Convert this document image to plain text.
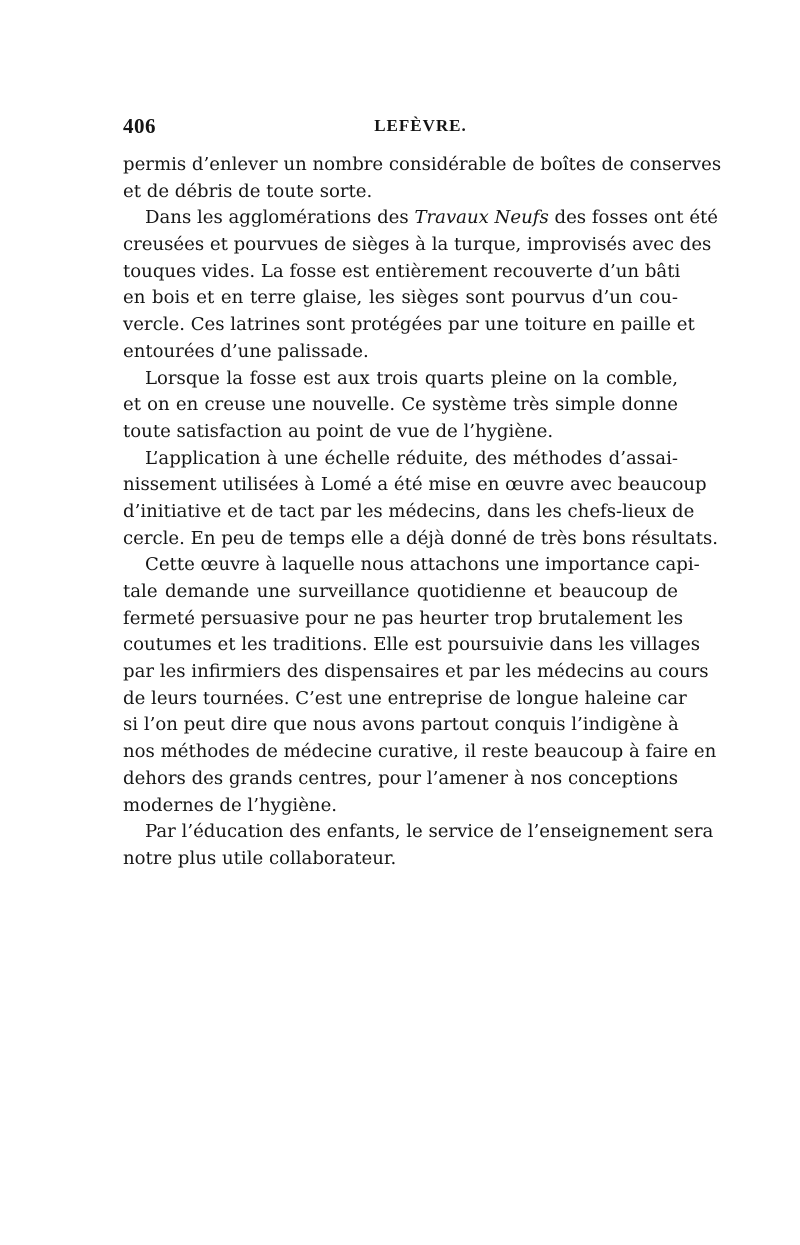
406	LEFÈVRE.
permis d’enlever un nombre considérable de boîtes de conserves
et de débris de toute sorte.
Dans les agglomérations des Travaux Neufs des fosses ont été
creusées et pourvues de sièges à la turque, improvisés avec des
touques vides. La fosse est entièrement recouverte d’un bâti
en bois et en terre glaise, les sièges sont pourvus d’un cou-
vercle. Ces latrines sont protégées par une toiture en paille et
entourées d’une palissade.
Lorsque la fosse est aux trois quarts pleine on la comble,
et on en creuse une nouvelle. Ce système très simple donne
toute satisfaction au point de vue de l’hygiène.
L’application à une échelle réduite, des méthodes d’assai-
nissement utilisées à Lomé a été mise en œuvre avec beaucoup
d’initiative et de tact par les médecins, dans les chefs-lieux de
cercle. En peu de temps elle a déjà donné de très bons résultats.
Cette œuvre à laquelle nous attachons une importance capi-
tale demande une surveillance quotidienne et beaucoup de
fermeté persuasive pour ne pas heurter trop brutalement les
coutumes et les traditions. Elle est poursuivie dans les villages
par les infirmiers des dispensaires et par les médecins au cours
de leurs tournées. C’est une entreprise de longue haleine car
si l’on peut dire que nous avons partout conquis l’indigène à
nos méthodes de médecine curative, il reste beaucoup à faire en
dehors des grands centres, pour l’amener à nos conceptions
modernes de l’hygiène.
Par l’éducation des enfants, le service de l’enseignement sera
notre plus utile collaborateur.
